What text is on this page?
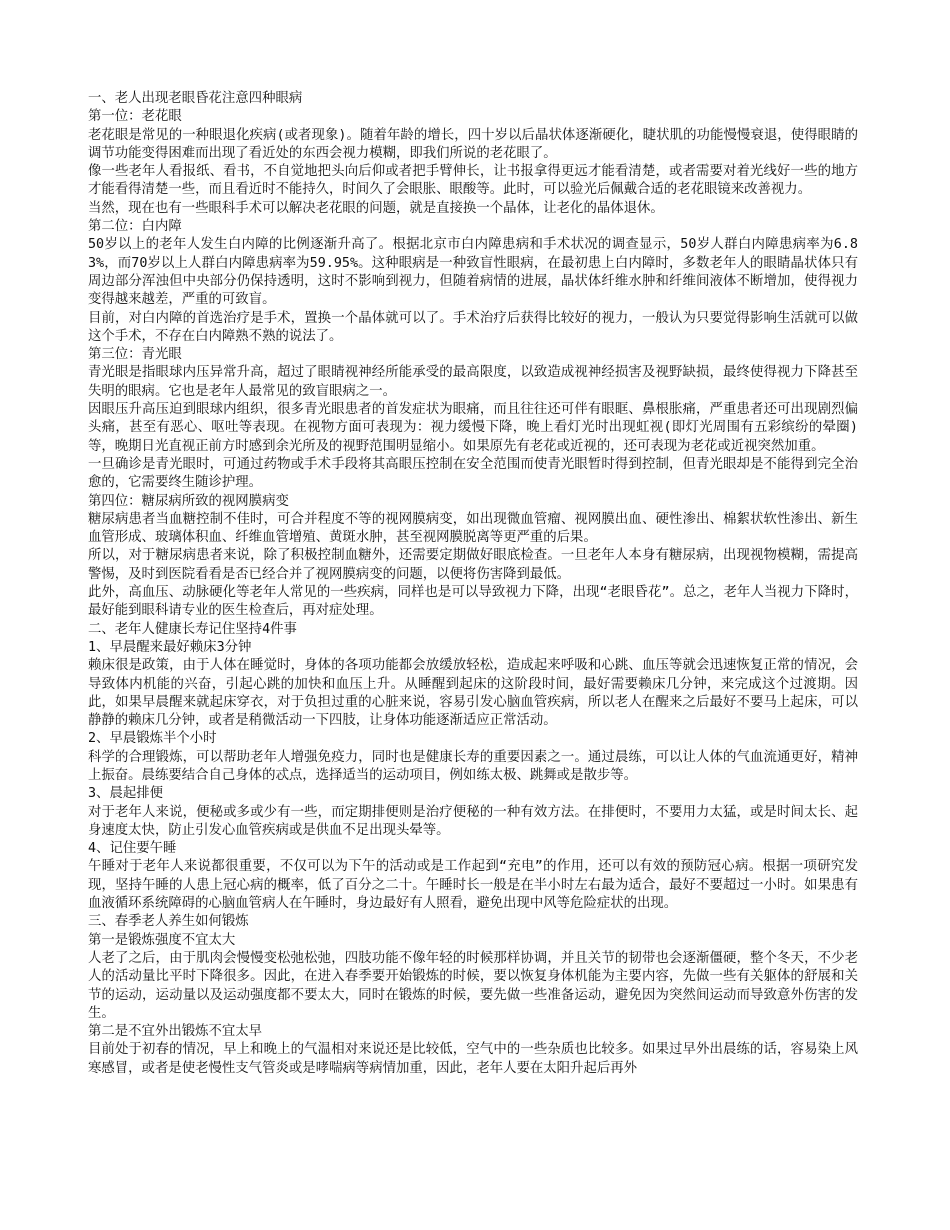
一、老人出现老眼昏花注意四种眼病

第一位：老花眼

老花眼是常见的一种眼退化疾病(或者现象)。随着年龄的增长，四十岁以后晶状体逐渐硬化，睫状肌的功能慢慢衰退，使得眼睛的调节功能变得困难而出现了看近处的东西会视力模糊，即我们所说的老花眼了。

像一些老年人看报纸、看书，不自觉地把头向后仰或者把手臂伸长，让书报拿得更远才能看清楚，或者需要对着光线好一些的地方才能看得清楚一些，而且看近时不能持久，时间久了会眼胀、眼酸等。此时，可以验光后佩戴合适的老花眼镜来改善视力。

当然，现在也有一些眼科手术可以解决老花眼的问题，就是直接换一个晶体，让老化的晶体退休。

第二位：白内障

50岁以上的老年人发生白内障的比例逐渐升高了。根据北京市白内障患病和手术状况的调查显示，50岁人群白内障患病率为6.83%，而70岁以上人群白内障患病率为59.95%。这种眼病是一种致盲性眼病，在最初患上白内障时，多数老年人的眼睛晶状体只有周边部分浑浊但中央部分仍保持透明，这时不影响到视力，但随着病情的进展，晶状体纤维水肿和纤维间液体不断增加，使得视力变得越来越差，严重的可致盲。

目前，对白内障的首选治疗是手术，置换一个晶体就可以了。手术治疗后获得比较好的视力，一般认为只要觉得影响生活就可以做这个手术，不存在白内障熟不熟的说法了。

第三位：青光眼

青光眼是指眼球内压异常升高，超过了眼睛视神经所能承受的最高限度，以致造成视神经损害及视野缺损，最终使得视力下降甚至失明的眼病。它也是老年人最常见的致盲眼病之一。

因眼压升高压迫到眼球内组织，很多青光眼患者的首发症状为眼痛，而且往往还可伴有眼眶、鼻根胀痛，严重患者还可出现剧烈偏头痛，甚至有恶心、呕吐等表现。在视物方面可表现为：视力缓慢下降，晚上看灯光时出现虹视(即灯光周围有五彩缤纷的晕圈)等，晚期日光直视正前方时感到余光所及的视野范围明显缩小。如果原先有老花或近视的，还可表现为老花或近视突然加重。

一旦确诊是青光眼时，可通过药物或手术手段将其高眼压控制在安全范围而使青光眼暂时得到控制，但青光眼却是不能得到完全治愈的，它需要终生随诊护理。

第四位：糖尿病所致的视网膜病变

糖尿病患者当血糖控制不佳时，可合并程度不等的视网膜病变，如出现微血管瘤、视网膜出血、硬性渗出、棉絮状软性渗出、新生血管形成、玻璃体积血、纤维血管增殖、黄斑水肿，甚至视网膜脱离等更严重的后果。

所以，对于糖尿病患者来说，除了积极控制血糖外，还需要定期做好眼底检查。一旦老年人本身有糖尿病，出现视物模糊，需提高警惕，及时到医院看看是否已经合并了视网膜病变的问题，以便将伤害降到最低。

此外，高血压、动脉硬化等老年人常见的一些疾病，同样也是可以导致视力下降，出现“老眼昏花”。总之，老年人当视力下降时，最好能到眼科请专业的医生检查后，再对症处理。

二、老年人健康长寿记住坚持4件事

1、早晨醒来最好赖床3分钟

赖床很是政策，由于人体在睡觉时，身体的各项功能都会放缓放轻松，造成起来呼吸和心跳、血压等就会迅速恢复正常的情况，会导致体内机能的兴奋，引起心跳的加快和血压上升。从睡醒到起床的这阶段时间，最好需要赖床几分钟，来完成这个过渡期。因此，如果早晨醒来就起床穿衣，对于负担过重的心脏来说，容易引发心脑血管疾病，所以老人在醒来之后最好不要马上起床，可以静静的赖床几分钟，或者是稍微活动一下四肢，让身体功能逐渐适应正常活动。

2、早晨锻炼半个小时

科学的合理锻炼，可以帮助老年人增强免疫力，同时也是健康长寿的重要因素之一。通过晨练，可以让人体的气血流通更好，精神上振奋。晨练要结合自己身体的忒点，选择适当的运动项目，例如练太极、跳舞或是散步等。

3、晨起排便

对于老年人来说，便秘或多或少有一些，而定期排便则是治疗便秘的一种有效方法。在排便时，不要用力太猛，或是时间太长、起身速度太快，防止引发心血管疾病或是供血不足出现头晕等。

4、记住要午睡

午睡对于老年人来说都很重要，不仅可以为下午的活动或是工作起到“充电”的作用，还可以有效的预防冠心病。根据一项研究发现，坚持午睡的人患上冠心病的概率，低了百分之二十。午睡时长一般是在半小时左右最为适合，最好不要超过一小时。如果患有血液循环系统障碍的心脑血管病人在午睡时，身边最好有人照看，避免出现中风等危险症状的出现。

三、春季老人养生如何锻炼

第一是锻炼强度不宜太大

人老了之后，由于肌肉会慢慢变松弛松弛，四肢功能不像年轻的时候那样协调，并且关节的韧带也会逐渐僵硬，整个冬天，不少老人的活动量比平时下降很多。因此，在进入春季要开始锻炼的时候，要以恢复身体机能为主要内容，先做一些有关躯体的舒展和关节的运动，运动量以及运动强度都不要太大，同时在锻炼的时候，要先做一些准备运动，避免因为突然间运动而导致意外伤害的发生。

第二是不宜外出锻炼不宜太早

目前处于初春的情况，早上和晚上的气温相对来说还是比较低，空气中的一些杂质也比较多。如果过早外出晨练的话，容易染上风寒感冒，或者是使老慢性支气管炎或是哮喘病等病情加重，因此，老年人要在太阳升起后再外
